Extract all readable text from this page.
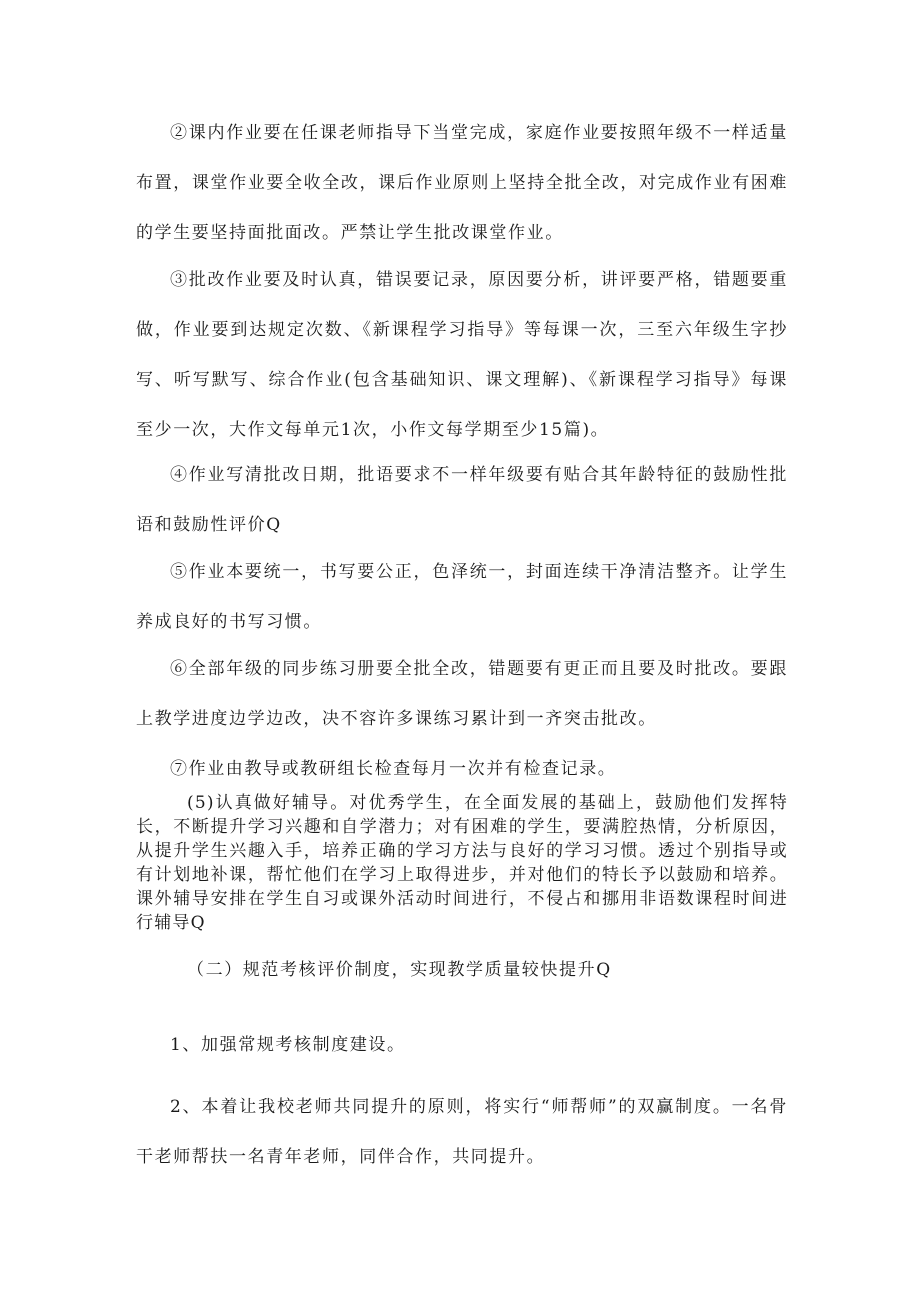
②课内作业要在任课老师指导下当堂完成，家庭作业要按照年级不一样适量布置，课堂作业要全收全改，课后作业原则上坚持全批全改，对完成作业有困难的学生要坚持面批面改。严禁让学生批改课堂作业。

③批改作业要及时认真，错误要记录，原因要分析，讲评要严格，错题要重做，作业要到达规定次数、《新课程学习指导》等每课一次，三至六年级生字抄写、听写默写、综合作业(包含基础知识、课文理解)、《新课程学习指导》每课至少一次，大作文每单元1次，小作文每学期至少15篇)。

④作业写清批改日期，批语要求不一样年级要有贴合其年龄特征的鼓励性批语和鼓励性评价Q

⑤作业本要统一，书写要公正，色泽统一，封面连续干净清洁整齐。让学生养成良好的书写习惯。

⑥全部年级的同步练习册要全批全改，错题要有更正而且要及时批改。要跟上教学进度边学边改，决不容许多课练习累计到一齐突击批改。

⑦作业由教导或教研组长检查每月一次并有检查记录。

(5)认真做好辅导。对优秀学生，在全面发展的基础上，鼓励他们发挥特长，不断提升学习兴趣和自学潜力；对有困难的学生，要满腔热情，分析原因，从提升学生兴趣入手，培养正确的学习方法与良好的学习习惯。透过个别指导或有计划地补课，帮忙他们在学习上取得进步，并对他们的特长予以鼓励和培养。课外辅导安排在学生自习或课外活动时间进行，不侵占和挪用非语数课程时间进行辅导Q

（二）规范考核评价制度，实现教学质量较快提升Q

1、加强常规考核制度建设。

2、本着让我校老师共同提升的原则，将实行“师帮师”的双赢制度。一名骨干老师帮扶一名青年老师，同伴合作，共同提升。
